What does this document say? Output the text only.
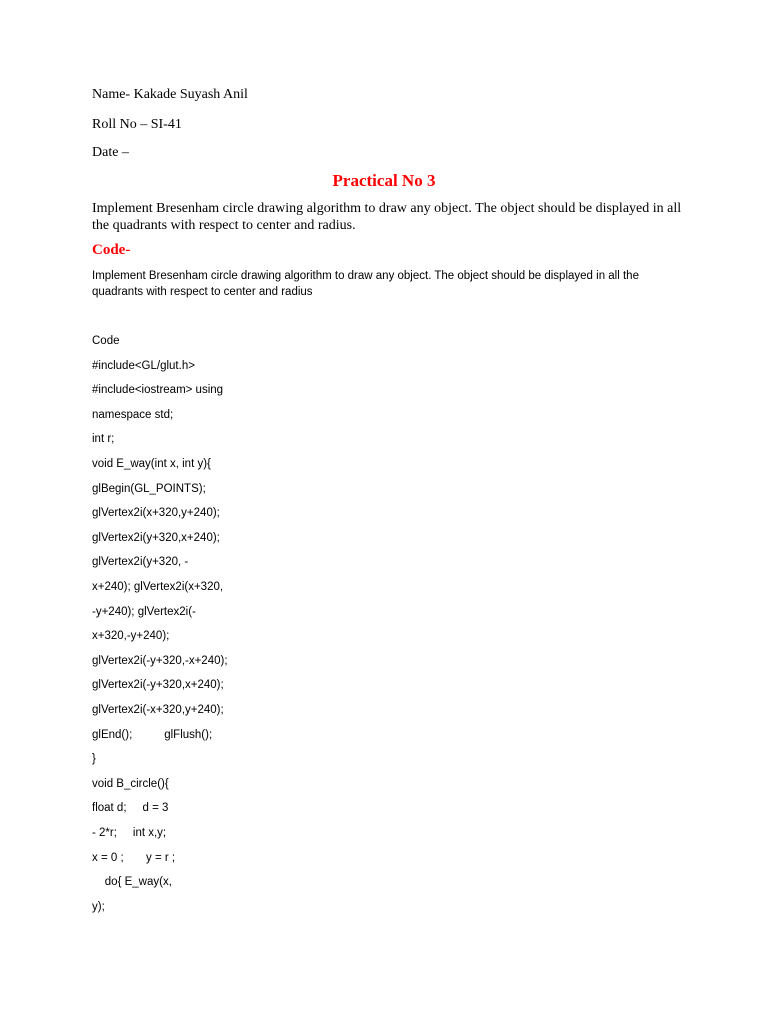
Name- Kakade Suyash Anil
Roll No – SI-41
Date –
Practical No 3
Implement Bresenham circle drawing algorithm to draw any object. The object should be displayed in all the quadrants with respect to center and radius.
Code-
Implement Bresenham circle drawing algorithm to draw any object. The object should be displayed in all the quadrants with respect to center and radius
Code
#include<GL/glut.h>
#include<iostream> using
namespace std;
int r;
void E_way(int x, int y){
glBegin(GL_POINTS);
glVertex2i(x+320,y+240);
glVertex2i(y+320,x+240);
glVertex2i(y+320, -
x+240); glVertex2i(x+320,
-y+240); glVertex2i(-
x+320,-y+240);
glVertex2i(-y+320,-x+240);
glVertex2i(-y+320,x+240);
glVertex2i(-x+320,y+240);
glEnd();          glFlush();
}
void B_circle(){
float d;     d = 3
- 2*r;     int x,y;
x = 0 ;       y = r ;
do{ E_way(x,
y);
